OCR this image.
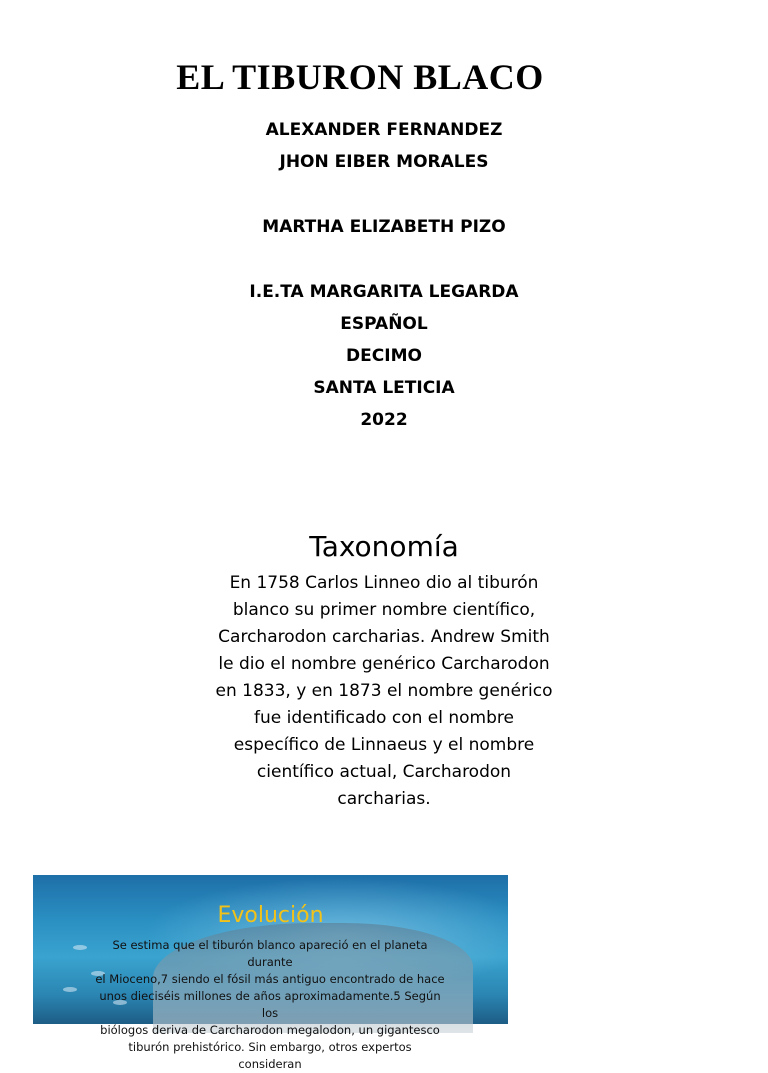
EL TIBURON BLACO
ALEXANDER FERNANDEZ
JHON EIBER MORALES
MARTHA ELIZABETH PIZO
I.E.TA MARGARITA LEGARDA
ESPAÑOL
DECIMO
SANTA LETICIA
2022
Taxonomía
En 1758 Carlos Linneo dio al tiburón
blanco su primer nombre científico,
Carcharodon carcharias. Andrew Smith
le dio el nombre genérico Carcharodon
en 1833, y en 1873 el nombre genérico
fue identificado con el nombre
específico de Linnaeus y el nombre
científico actual, Carcharodon
carcharias.
Evolución
Se estima que el tiburón blanco apareció en el planeta durante
el Mioceno,7 siendo el fósil más antiguo encontrado de hace
unos dieciséis millones de años aproximadamente.5 Según los
biólogos deriva de Carcharodon megalodon, un gigantesco
tiburón prehistórico. Sin embargo, otros expertos consideran
